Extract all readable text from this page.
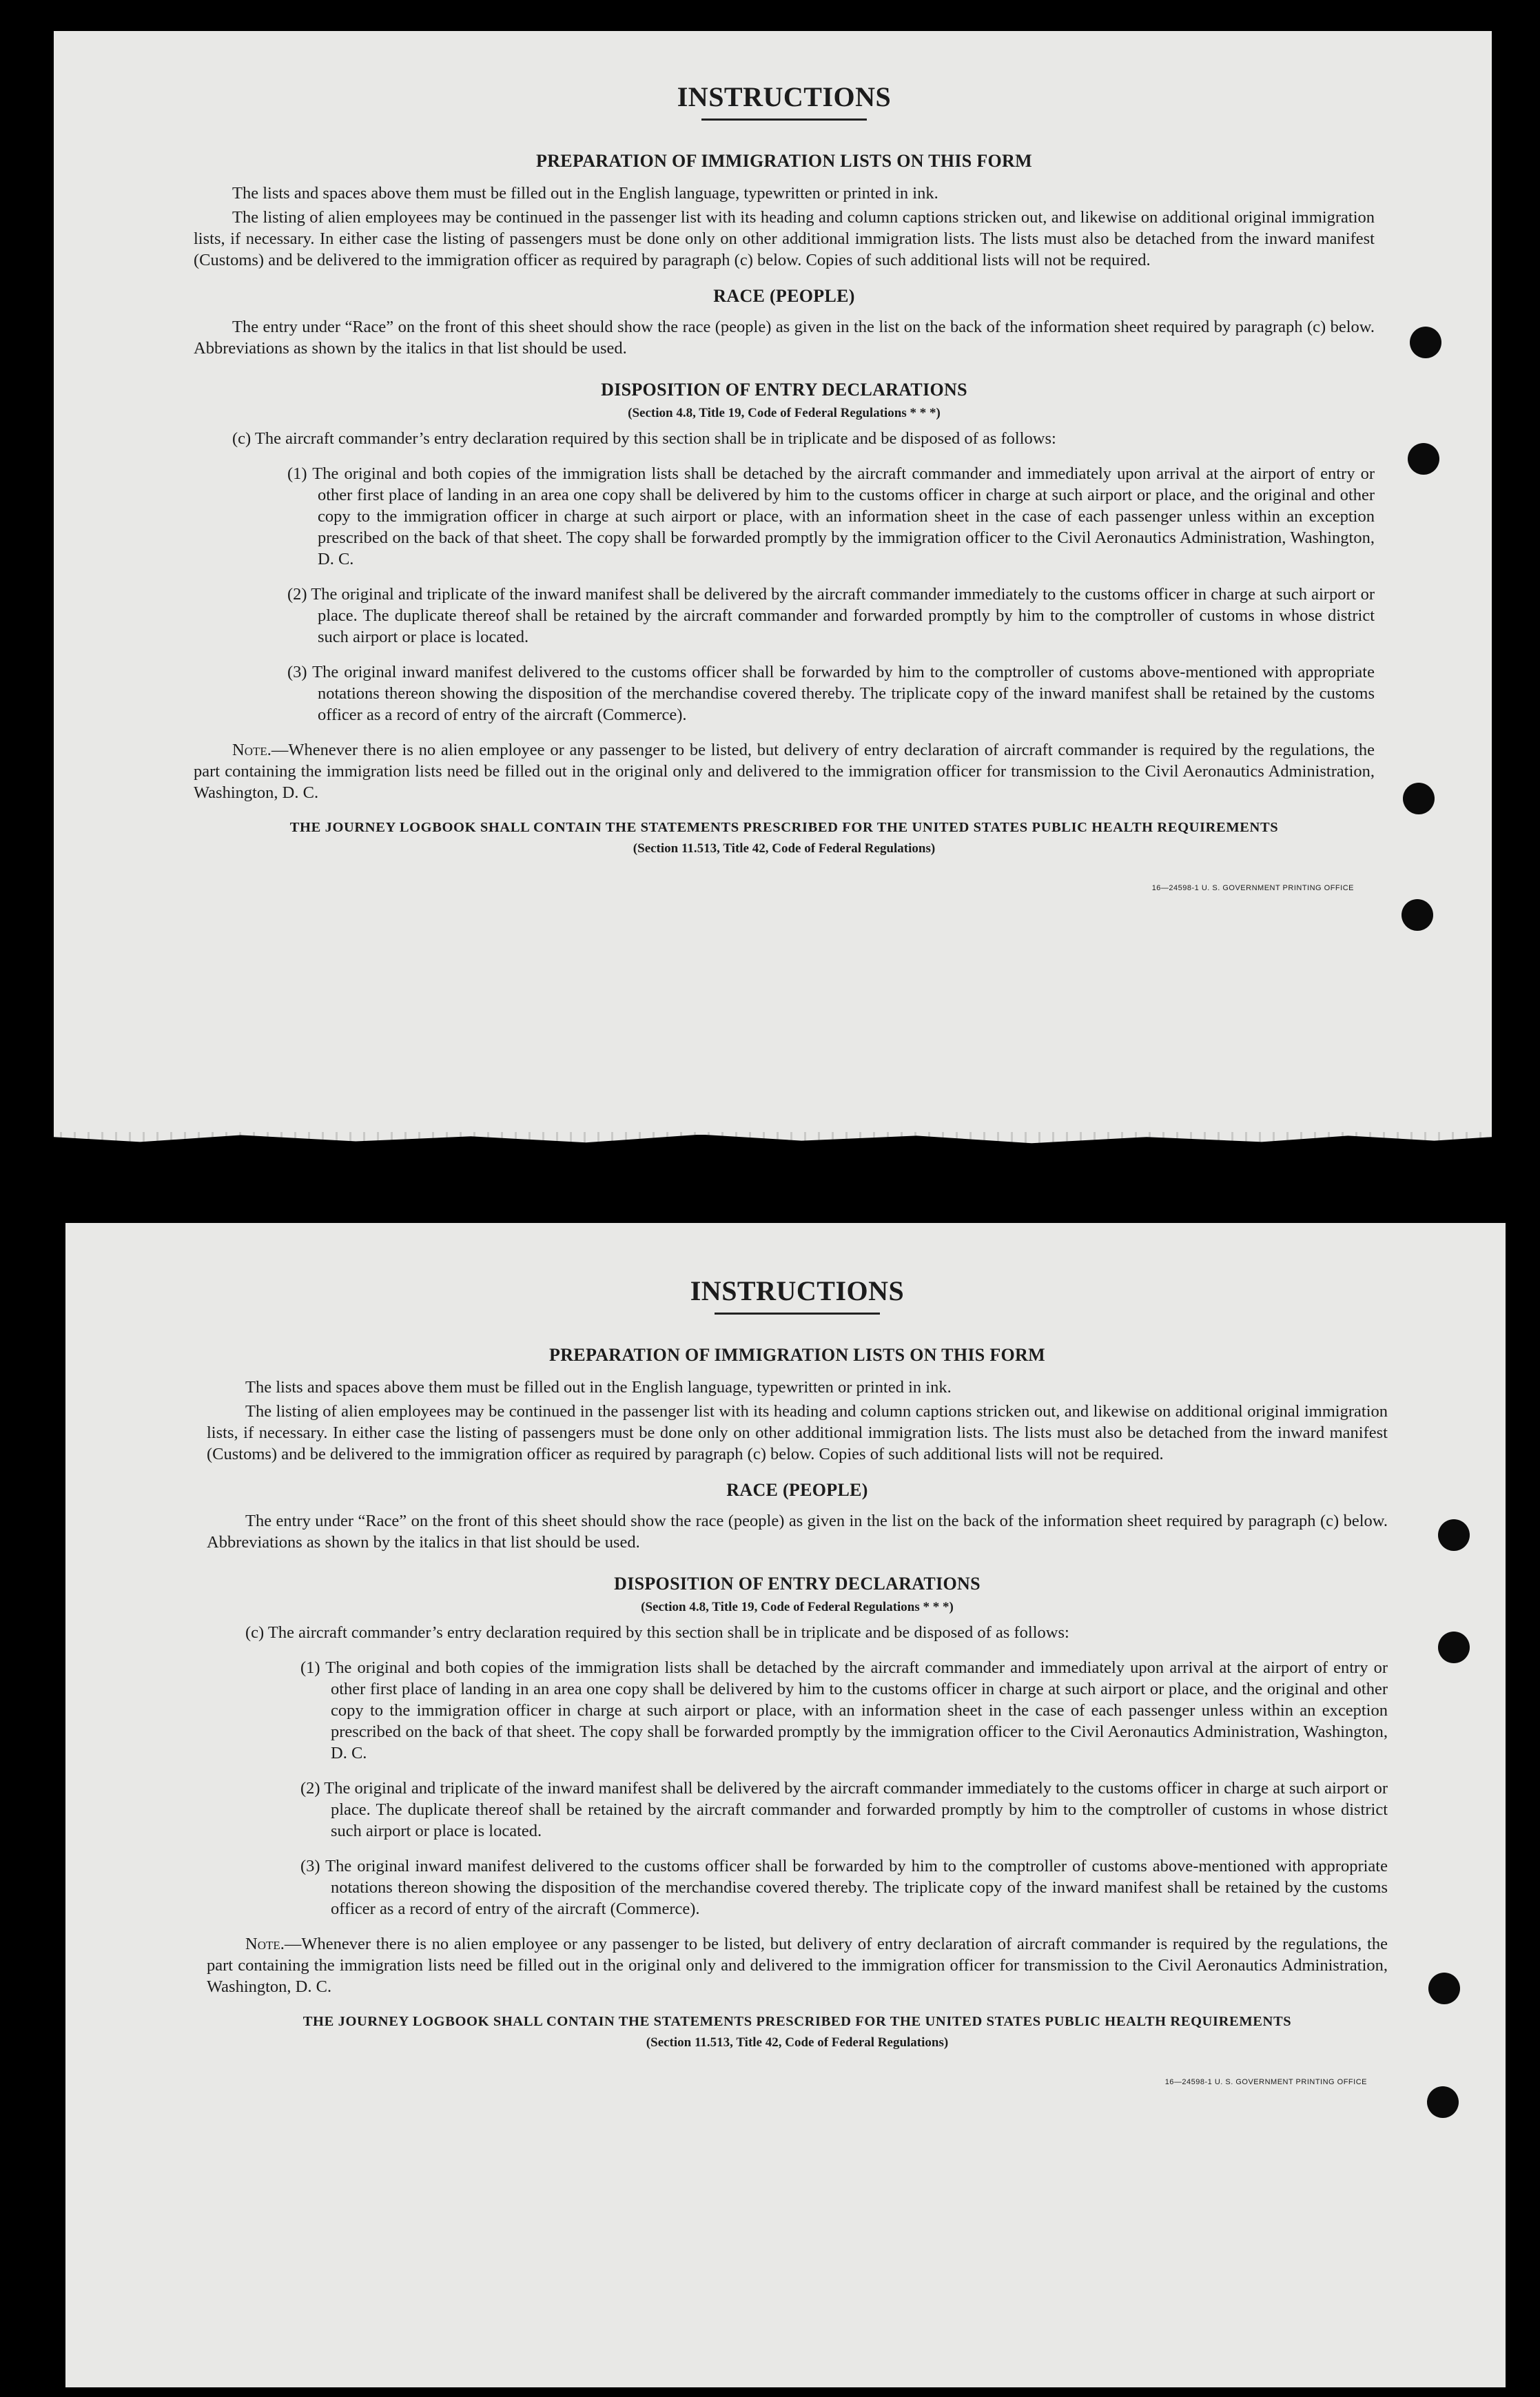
INSTRUCTIONS
PREPARATION OF IMMIGRATION LISTS ON THIS FORM

The lists and spaces above them must be filled out in the English language, typewritten or printed in ink.

The listing of alien employees may be continued in the passenger list with its heading and column captions stricken out, and likewise on additional original immigration lists, if necessary. In either case the listing of passengers must be done only on other additional immigration lists. The lists must also be detached from the inward manifest (Customs) and be delivered to the immigration officer as required by paragraph (c) below. Copies of such additional lists will not be required.

RACE (PEOPLE)

The entry under “Race” on the front of this sheet should show the race (people) as given in the list on the back of the information sheet required by paragraph (c) below. Abbreviations as shown by the italics in that list should be used.

DISPOSITION OF ENTRY DECLARATIONS

(Section 4.8, Title 19, Code of Federal Regulations * * *)

(c) The aircraft commander’s entry declaration required by this section shall be in triplicate and be disposed of as follows:

(1) The original and both copies of the immigration lists shall be detached by the aircraft commander and immediately upon arrival at the airport of entry or other first place of landing in an area one copy shall be delivered by him to the customs officer in charge at such airport or place, and the original and other copy to the immigration officer in charge at such airport or place, with an information sheet in the case of each passenger unless within an exception prescribed on the back of that sheet. The copy shall be forwarded promptly by the immigration officer to the Civil Aeronautics Administration, Washington, D. C.

(2) The original and triplicate of the inward manifest shall be delivered by the aircraft commander immediately to the customs officer in charge at such airport or place. The duplicate thereof shall be retained by the aircraft commander and forwarded promptly by him to the comptroller of customs in whose district such airport or place is located.

(3) The original inward manifest delivered to the customs officer shall be forwarded by him to the comptroller of customs above-mentioned with appropriate notations thereon showing the disposition of the merchandise covered thereby. The triplicate copy of the inward manifest shall be retained by the customs officer as a record of entry of the aircraft (Commerce).

Note.—Whenever there is no alien employee or any passenger to be listed, but delivery of entry declaration of aircraft commander is required by the regulations, the part containing the immigration lists need be filled out in the original only and delivered to the immigration officer for transmission to the Civil Aeronautics Administration, Washington, D. C.

THE JOURNEY LOGBOOK SHALL CONTAIN THE STATEMENTS PRESCRIBED FOR THE UNITED STATES PUBLIC HEALTH REQUIREMENTS

(Section 11.513, Title 42, Code of Federal Regulations)

16—24598-1 U. S. GOVERNMENT PRINTING OFFICE

INSTRUCTIONS
PREPARATION OF IMMIGRATION LISTS ON THIS FORM

The lists and spaces above them must be filled out in the English language, typewritten or printed in ink.

The listing of alien employees may be continued in the passenger list with its heading and column captions stricken out, and likewise on additional original immigration lists, if necessary. In either case the listing of passengers must be done only on other additional immigration lists. The lists must also be detached from the inward manifest (Customs) and be delivered to the immigration officer as required by paragraph (c) below. Copies of such additional lists will not be required.

RACE (PEOPLE)

The entry under “Race” on the front of this sheet should show the race (people) as given in the list on the back of the information sheet required by paragraph (c) below. Abbreviations as shown by the italics in that list should be used.

DISPOSITION OF ENTRY DECLARATIONS

(Section 4.8, Title 19, Code of Federal Regulations * * *)

(c) The aircraft commander’s entry declaration required by this section shall be in triplicate and be disposed of as follows:

(1) The original and both copies of the immigration lists shall be detached by the aircraft commander and immediately upon arrival at the airport of entry or other first place of landing in an area one copy shall be delivered by him to the customs officer in charge at such airport or place, and the original and other copy to the immigration officer in charge at such airport or place, with an information sheet in the case of each passenger unless within an exception prescribed on the back of that sheet. The copy shall be forwarded promptly by the immigration officer to the Civil Aeronautics Administration, Washington, D. C.

(2) The original and triplicate of the inward manifest shall be delivered by the aircraft commander immediately to the customs officer in charge at such airport or place. The duplicate thereof shall be retained by the aircraft commander and forwarded promptly by him to the comptroller of customs in whose district such airport or place is located.

(3) The original inward manifest delivered to the customs officer shall be forwarded by him to the comptroller of customs above-mentioned with appropriate notations thereon showing the disposition of the merchandise covered thereby. The triplicate copy of the inward manifest shall be retained by the customs officer as a record of entry of the aircraft (Commerce).

Note.—Whenever there is no alien employee or any passenger to be listed, but delivery of entry declaration of aircraft commander is required by the regulations, the part containing the immigration lists need be filled out in the original only and delivered to the immigration officer for transmission to the Civil Aeronautics Administration, Washington, D. C.

THE JOURNEY LOGBOOK SHALL CONTAIN THE STATEMENTS PRESCRIBED FOR THE UNITED STATES PUBLIC HEALTH REQUIREMENTS

(Section 11.513, Title 42, Code of Federal Regulations)

16—24598-1 U. S. GOVERNMENT PRINTING OFFICE
